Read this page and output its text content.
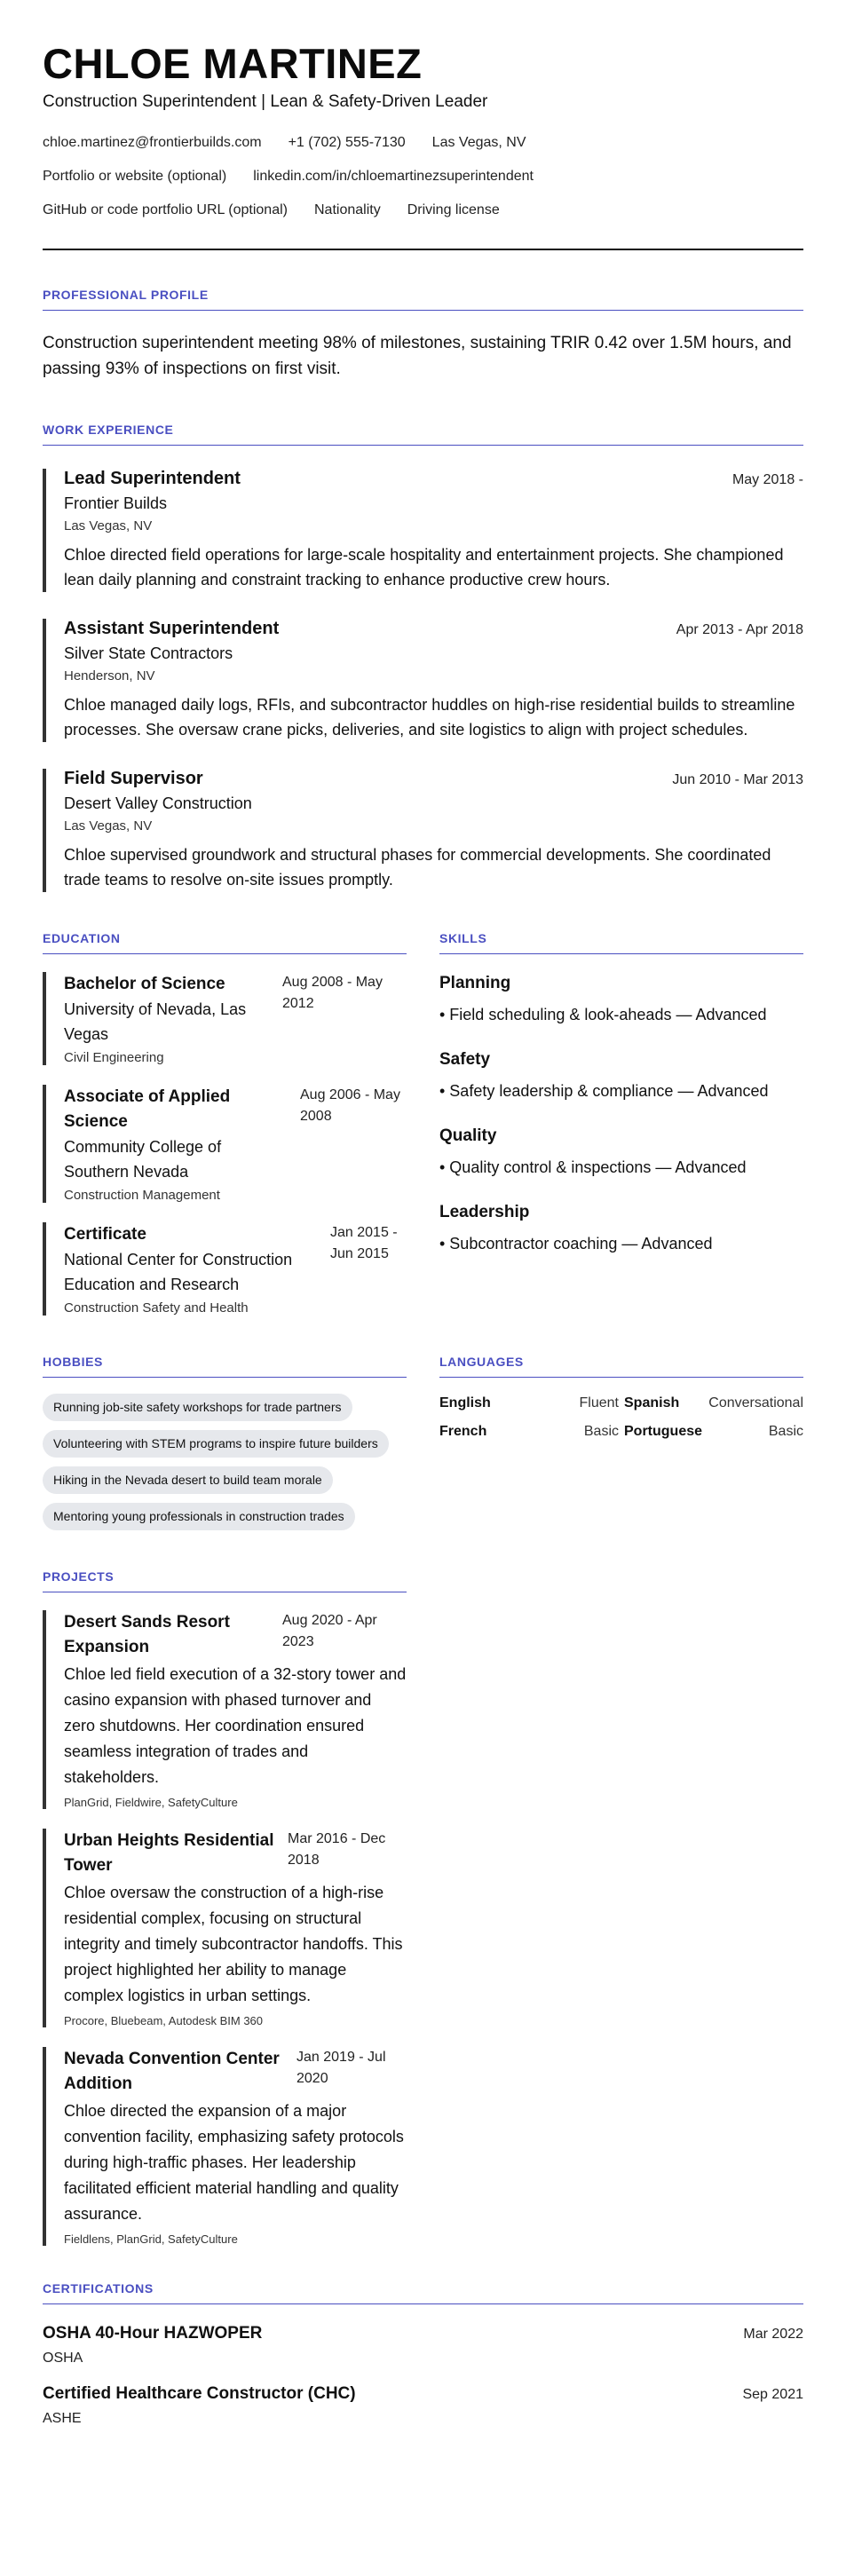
CHLOE MARTINEZ
Construction Superintendent | Lean & Safety-Driven Leader
chloe.martinez@frontierbuilds.com +1 (702) 555-7130 Las Vegas, NV
Portfolio or website (optional) linkedin.com/in/chloemartinezsuperintendent
GitHub or code portfolio URL (optional) Nationality Driving license
PROFESSIONAL PROFILE

Construction superintendent meeting 98% of milestones, sustaining TRIR 0.42 over 1.5M hours, and passing 93% of inspections on first visit.

WORK EXPERIENCE
Lead Superintendent	May 2018 -
Frontier Builds
Las Vegas, NV

Chloe directed field operations for large-scale hospitality and entertainment projects. She championed lean daily planning and constraint tracking to enhance productive crew hours.

Assistant Superintendent	Apr 2013 - Apr 2018
Silver State Contractors
Henderson, NV

Chloe managed daily logs, RFIs, and subcontractor huddles on high-rise residential builds to streamline processes. She oversaw crane picks, deliveries, and site logistics to align with project schedules.

Field Supervisor	Jun 2010 - Mar 2013
Desert Valley Construction
Las Vegas, NV

Chloe supervised groundwork and structural phases for commercial developments. She coordinated trade teams to resolve on-site issues promptly.

EDUCATION
Bachelor of Science
University of Nevada, Las Vegas
Aug 2008 - May 2012
Civil Engineering
Associate of Applied Science
Community College of Southern Nevada
Aug 2006 - May 2008
Construction Management
Certificate
National Center for Construction Education and Research
Jan 2015 - Jun 2015
Construction Safety and Health
SKILLS
Planning
• Field scheduling & look-aheads — Advanced
Safety
• Safety leadership & compliance — Advanced
Quality
• Quality control & inspections — Advanced
Leadership
• Subcontractor coaching — Advanced
HOBBIES
Running job-site safety workshops for trade partners
Volunteering with STEM programs to inspire future builders
Hiking in the Nevada desert to build team morale
Mentoring young professionals in construction trades
LANGUAGES
English	Fluent Spanish Conversational
French	Basic Portuguese	Basic
PROJECTS
Desert Sands Resort Expansion
Aug 2020 - Apr 2023

Chloe led field execution of a 32-story tower and casino expansion with phased turnover and zero shutdowns. Her coordination ensured seamless integration of trades and stakeholders.

PlanGrid, Fieldwire, SafetyCulture
Urban Heights Residential Tower
Mar 2016 - Dec 2018

Chloe oversaw the construction of a high-rise residential complex, focusing on structural integrity and timely subcontractor handoffs. This project highlighted her ability to manage complex logistics in urban settings.

Procore, Bluebeam, Autodesk BIM 360
Nevada Convention Center Addition
Jan 2019 - Jul 2020

Chloe directed the expansion of a major convention facility, emphasizing safety protocols during high-traffic phases. Her leadership facilitated efficient material handling and quality assurance.

Fieldlens, PlanGrid, SafetyCulture
CERTIFICATIONS
OSHA 40-Hour HAZWOPER	Mar 2022
OSHA
Certified Healthcare Constructor (CHC)	Sep 2021
ASHE
